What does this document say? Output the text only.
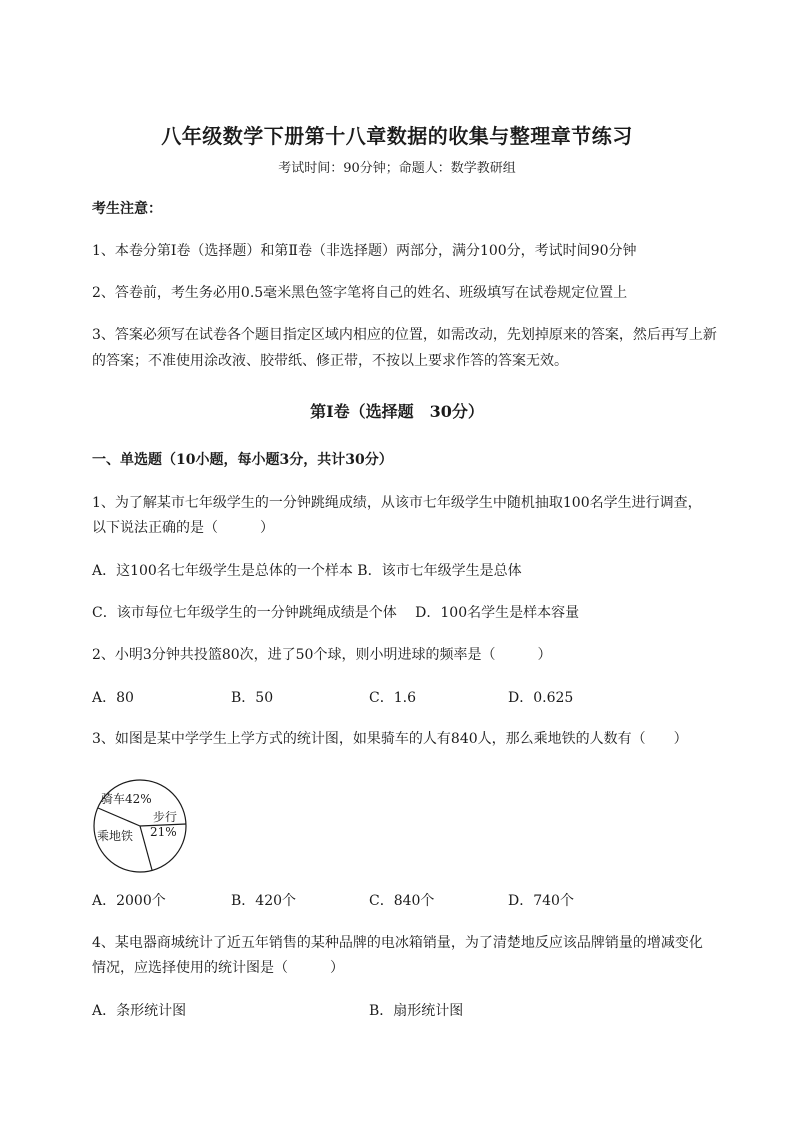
八年级数学下册第十八章数据的收集与整理章节练习
考试时间：90分钟；命题人：数学教研组
考生注意：
1、本卷分第I卷（选择题）和第Ⅱ卷（非选择题）两部分，满分100分，考试时间90分钟
2、答卷前，考生务必用0.5毫米黑色签字笔将自己的姓名、班级填写在试卷规定位置上
3、答案必须写在试卷各个题目指定区域内相应的位置，如需改动，先划掉原来的答案，然后再写上新
的答案；不准使用涂改液、胶带纸、修正带，不按以上要求作答的答案无效。
第I卷（选择题　30分）
一、单选题（10小题，每小题3分，共计30分）
1、为了解某市七年级学生的一分钟跳绳成绩，从该市七年级学生中随机抽取100名学生进行调查，
以下说法正确的是（　　　）
A．这100名七年级学生是总体的一个样本 B．该市七年级学生是总体
C．该市每位七年级学生的一分钟跳绳成绩是个体　 D．100名学生是样本容量
2、小明3分钟共投篮80次，进了50个球，则小明进球的频率是（　　　）
A．80	B．50	C．1.6	D．0.625
3、如图是某中学学生上学方式的统计图，如果骑车的人有840人，那么乘地铁的人数有（　　）
骑车42%
步行
21%
乘地铁
A．2000个	B．420个	C．840个	D．740个
4、某电器商城统计了近五年销售的某种品牌的电冰箱销量，为了清楚地反应该品牌销量的增减变化
情况，应选择使用的统计图是（　　　）
A．条形统计图	B．扇形统计图
